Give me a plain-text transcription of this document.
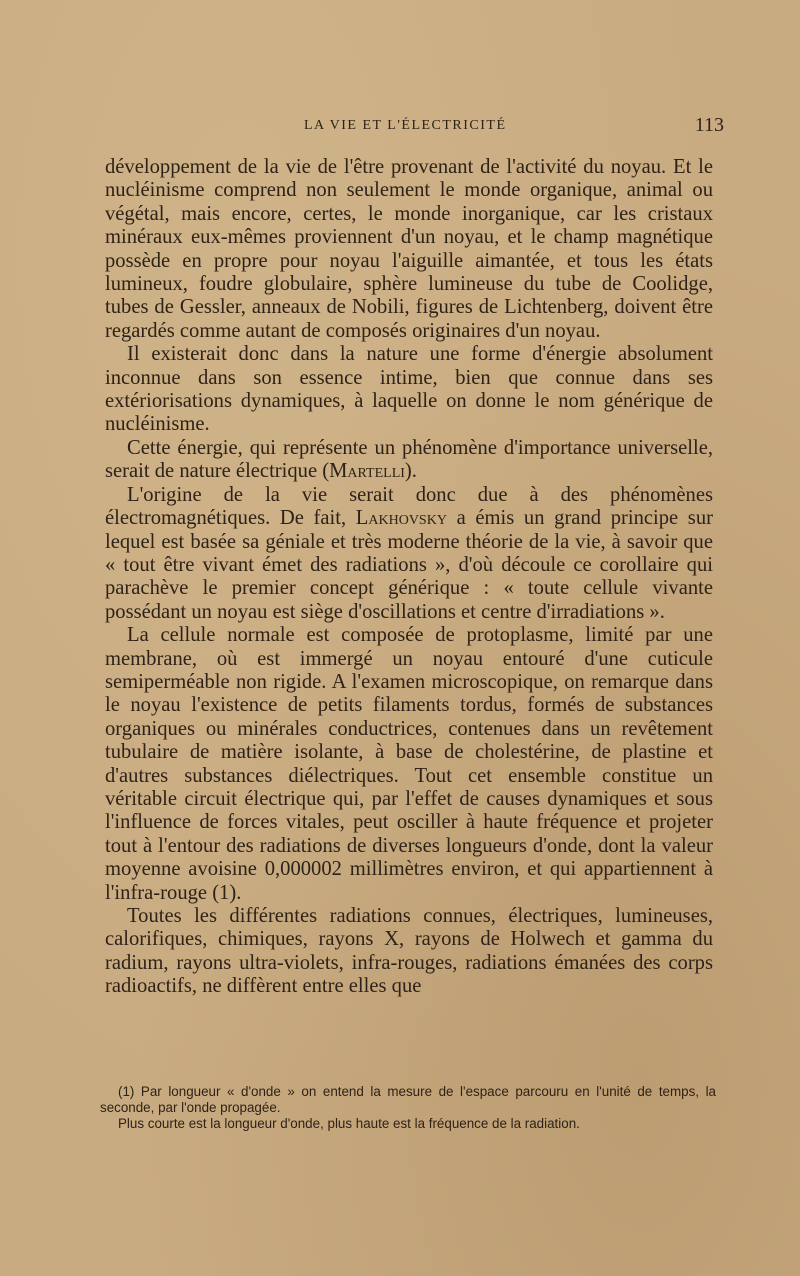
LA VIE ET L'ÉLECTRICITÉ	113

développement de la vie de l'être provenant de l'activité du noyau. Et le nucléinisme comprend non seulement le monde organique, animal ou végétal, mais encore, certes, le monde inorganique, car les cristaux minéraux eux-mêmes proviennent d'un noyau, et le champ magnétique possède en propre pour noyau l'aiguille aimantée, et tous les états lumineux, foudre globulaire, sphère lumineuse du tube de Coolidge, tubes de Gessler, anneaux de Nobili, figures de Lichtenberg, doivent être regardés comme autant de composés originaires d'un noyau.

Il existerait donc dans la nature une forme d'énergie absolument inconnue dans son essence intime, bien que connue dans ses extériorisations dynamiques, à laquelle on donne le nom générique de nucléinisme.

Cette énergie, qui représente un phénomène d'importance universelle, serait de nature électrique (Martelli).

L'origine de la vie serait donc due à des phénomènes électromagnétiques. De fait, Lakhovsky a émis un grand principe sur lequel est basée sa géniale et très moderne théorie de la vie, à savoir que « tout être vivant émet des radiations », d'où découle ce corollaire qui parachève le premier concept générique : « toute cellule vivante possédant un noyau est siège d'oscillations et centre d'irradiations ».

La cellule normale est composée de protoplasme, limité par une membrane, où est immergé un noyau entouré d'une cuticule semiperméable non rigide. A l'examen microscopique, on remarque dans le noyau l'existence de petits filaments tordus, formés de substances organiques ou minérales conductrices, contenues dans un revêtement tubulaire de matière isolante, à base de cholestérine, de plastine et d'autres substances diélectriques. Tout cet ensemble constitue un véritable circuit électrique qui, par l'effet de causes dynamiques et sous l'influence de forces vitales, peut osciller à haute fréquence et projeter tout à l'entour des radiations de diverses longueurs d'onde, dont la valeur moyenne avoisine 0,000002 millimètres environ, et qui appartiennent à l'infra-rouge (1).

Toutes les différentes radiations connues, électriques, lumineuses, calorifiques, chimiques, rayons X, rayons de Holwech et gamma du radium, rayons ultra-violets, infra-rouges, radiations émanées des corps radioactifs, ne diffèrent entre elles que

(1) Par longueur « d'onde » on entend la mesure de l'espace parcouru en l'unité de temps, la seconde, par l'onde propagée.

Plus courte est la longueur d'onde, plus haute est la fréquence de la radiation.
